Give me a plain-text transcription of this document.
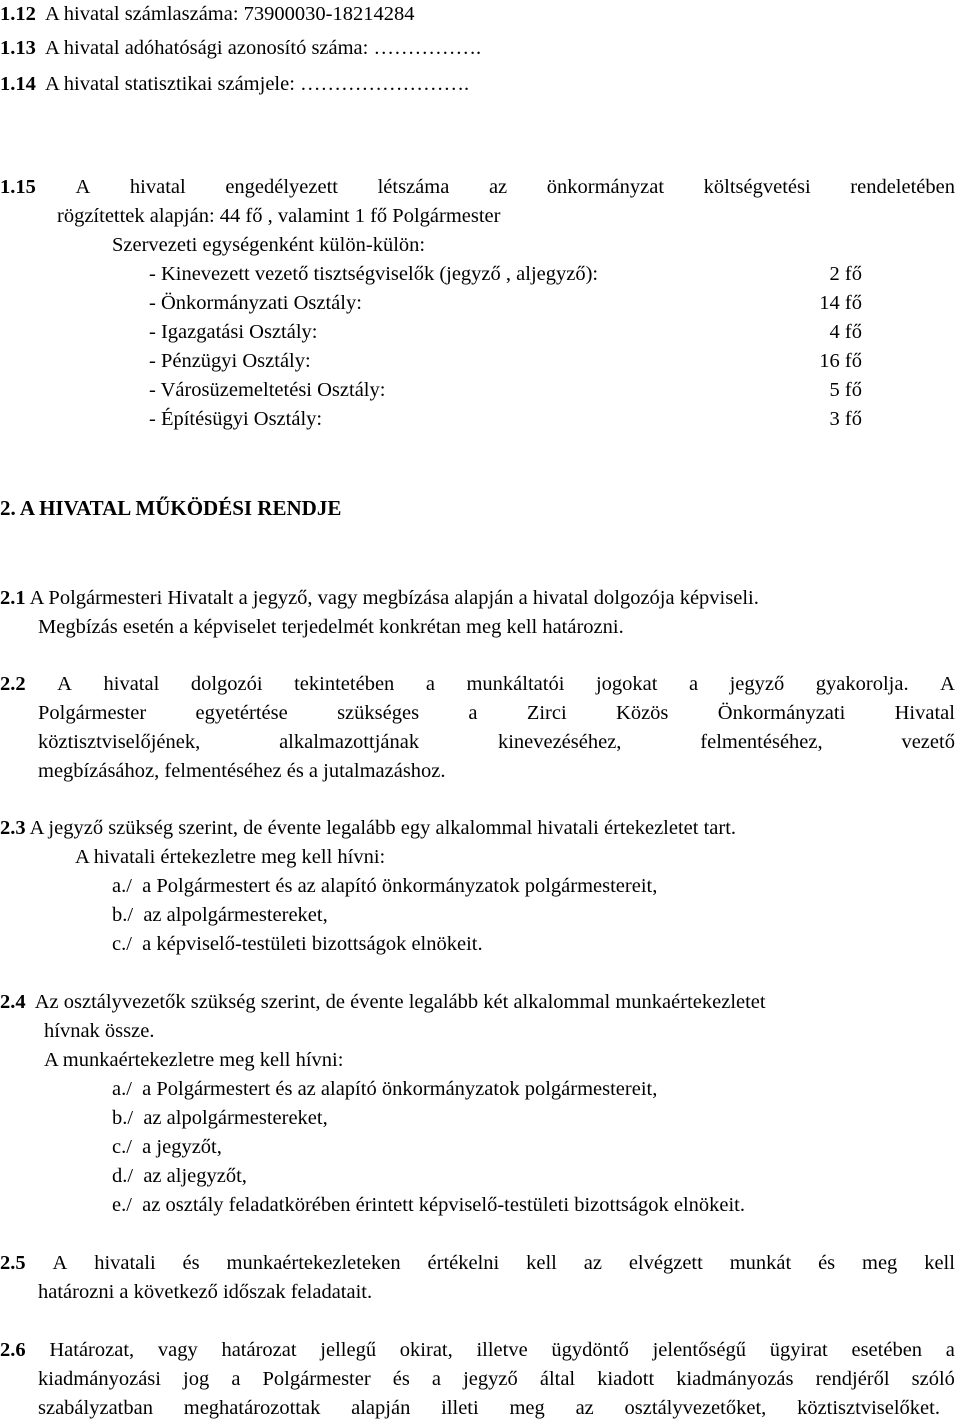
1.12 A hivatal számlaszáma: 73900030-18214284
1.13 A hivatal adóhatósági azonosító száma: …………….
1.14 A hivatal statisztikai számjele: …………………….
1.15 A hivatal engedélyezett létszáma az önkormányzat költségvetési rendeletében
rögzítettek alapján: 44 fő , valamint 1 fő Polgármester
Szervezeti egységenként külön-külön:
- Kinevezett vezető tisztségviselők (jegyző , aljegyző):	2 fő
- Önkormányzati Osztály:	14 fő
- Igazgatási Osztály:	4 fő
- Pénzügyi Osztály:	16 fő
- Városüzemeltetési Osztály:	5 fő
- Építésügyi Osztály:	3 fő
2. A HIVATAL MŰKÖDÉSI RENDJE
2.1 A Polgármesteri Hivatalt a jegyző, vagy megbízása alapján a hivatal dolgozója képviseli.
Megbízás esetén a képviselet terjedelmét konkrétan meg kell határozni.
2.2 A hivatal dolgozói tekintetében a munkáltatói jogokat a jegyző gyakorolja. A
Polgármester egyetértése szükséges a Zirci Közös Önkormányzati Hivatal
köztisztviselőjének,	alkalmazottjának	kinevezéséhez,	felmentéséhez,	vezető
megbízásához, felmentéséhez és a jutalmazáshoz.
2.3 A jegyző szükség szerint, de évente legalább egy alkalommal hivatali értekezletet tart.
A hivatali értekezletre meg kell hívni:
a./ a Polgármestert és az alapító önkormányzatok polgármestereit,
b./ az alpolgármestereket,
c./ a képviselő-testületi bizottságok elnökeit.
2.4 Az osztályvezetők szükség szerint, de évente legalább két alkalommal munkaértekezletet
hívnak össze.
A munkaértekezletre meg kell hívni:
a./ a Polgármestert és az alapító önkormányzatok polgármestereit,
b./ az alpolgármestereket,
c./ a jegyzőt,
d./ az aljegyzőt,
e./ az osztály feladatkörében érintett képviselő-testületi bizottságok elnökeit.
2.5 A hivatali és munkaértekezleteken értékelni kell az elvégzett munkát és meg kell
határozni a következő időszak feladatait.
2.6 Határozat, vagy határozat jellegű okirat, illetve ügydöntő jelentőségű ügyirat esetében a
kiadmányozási jog a Polgármester és a jegyző által kiadott kiadmányozás rendjéről szóló
szabályzatban meghatározottak alapján illeti meg az osztályvezetőket, köztisztviselőket.
